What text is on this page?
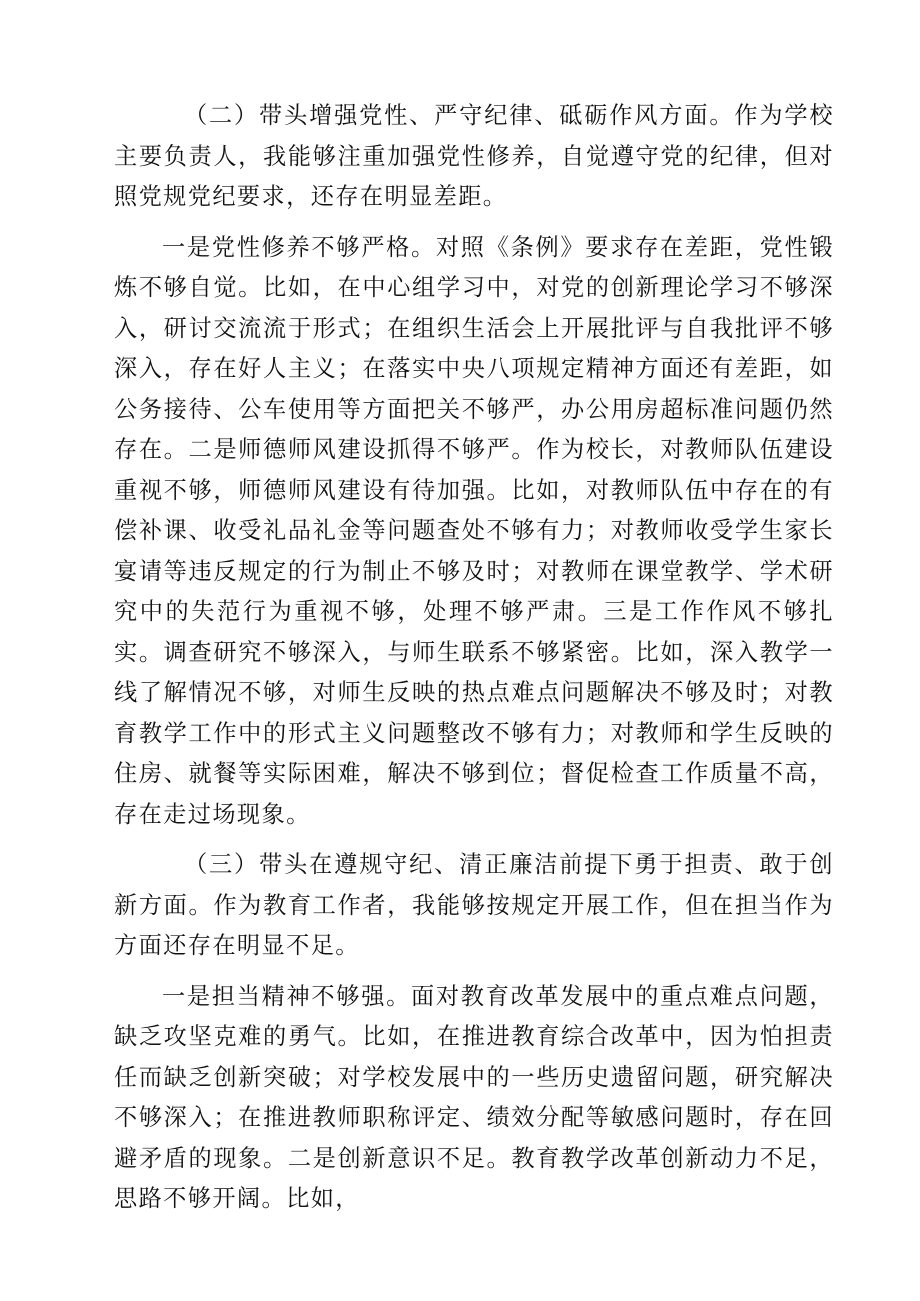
（二）带头增强党性、严守纪律、砥砺作风方面。作为学校主要负责人，我能够注重加强党性修养，自觉遵守党的纪律，但对照党规党纪要求，还存在明显差距。

一是党性修养不够严格。对照《条例》要求存在差距，党性锻炼不够自觉。比如，在中心组学习中，对党的创新理论学习不够深入，研讨交流流于形式；在组织生活会上开展批评与自我批评不够深入，存在好人主义；在落实中央八项规定精神方面还有差距，如公务接待、公车使用等方面把关不够严，办公用房超标准问题仍然存在。二是师德师风建设抓得不够严。作为校长，对教师队伍建设重视不够，师德师风建设有待加强。比如，对教师队伍中存在的有偿补课、收受礼品礼金等问题查处不够有力；对教师收受学生家长宴请等违反规定的行为制止不够及时；对教师在课堂教学、学术研究中的失范行为重视不够，处理不够严肃。三是工作作风不够扎实。调查研究不够深入，与师生联系不够紧密。比如，深入教学一线了解情况不够，对师生反映的热点难点问题解决不够及时；对教育教学工作中的形式主义问题整改不够有力；对教师和学生反映的住房、就餐等实际困难，解决不够到位；督促检查工作质量不高，存在走过场现象。

（三）带头在遵规守纪、清正廉洁前提下勇于担责、敢于创新方面。作为教育工作者，我能够按规定开展工作，但在担当作为方面还存在明显不足。

一是担当精神不够强。面对教育改革发展中的重点难点问题，缺乏攻坚克难的勇气。比如，在推进教育综合改革中，因为怕担责任而缺乏创新突破；对学校发展中的一些历史遗留问题，研究解决不够深入；在推进教师职称评定、绩效分配等敏感问题时，存在回避矛盾的现象。二是创新意识不足。教育教学改革创新动力不足，思路不够开阔。比如，
